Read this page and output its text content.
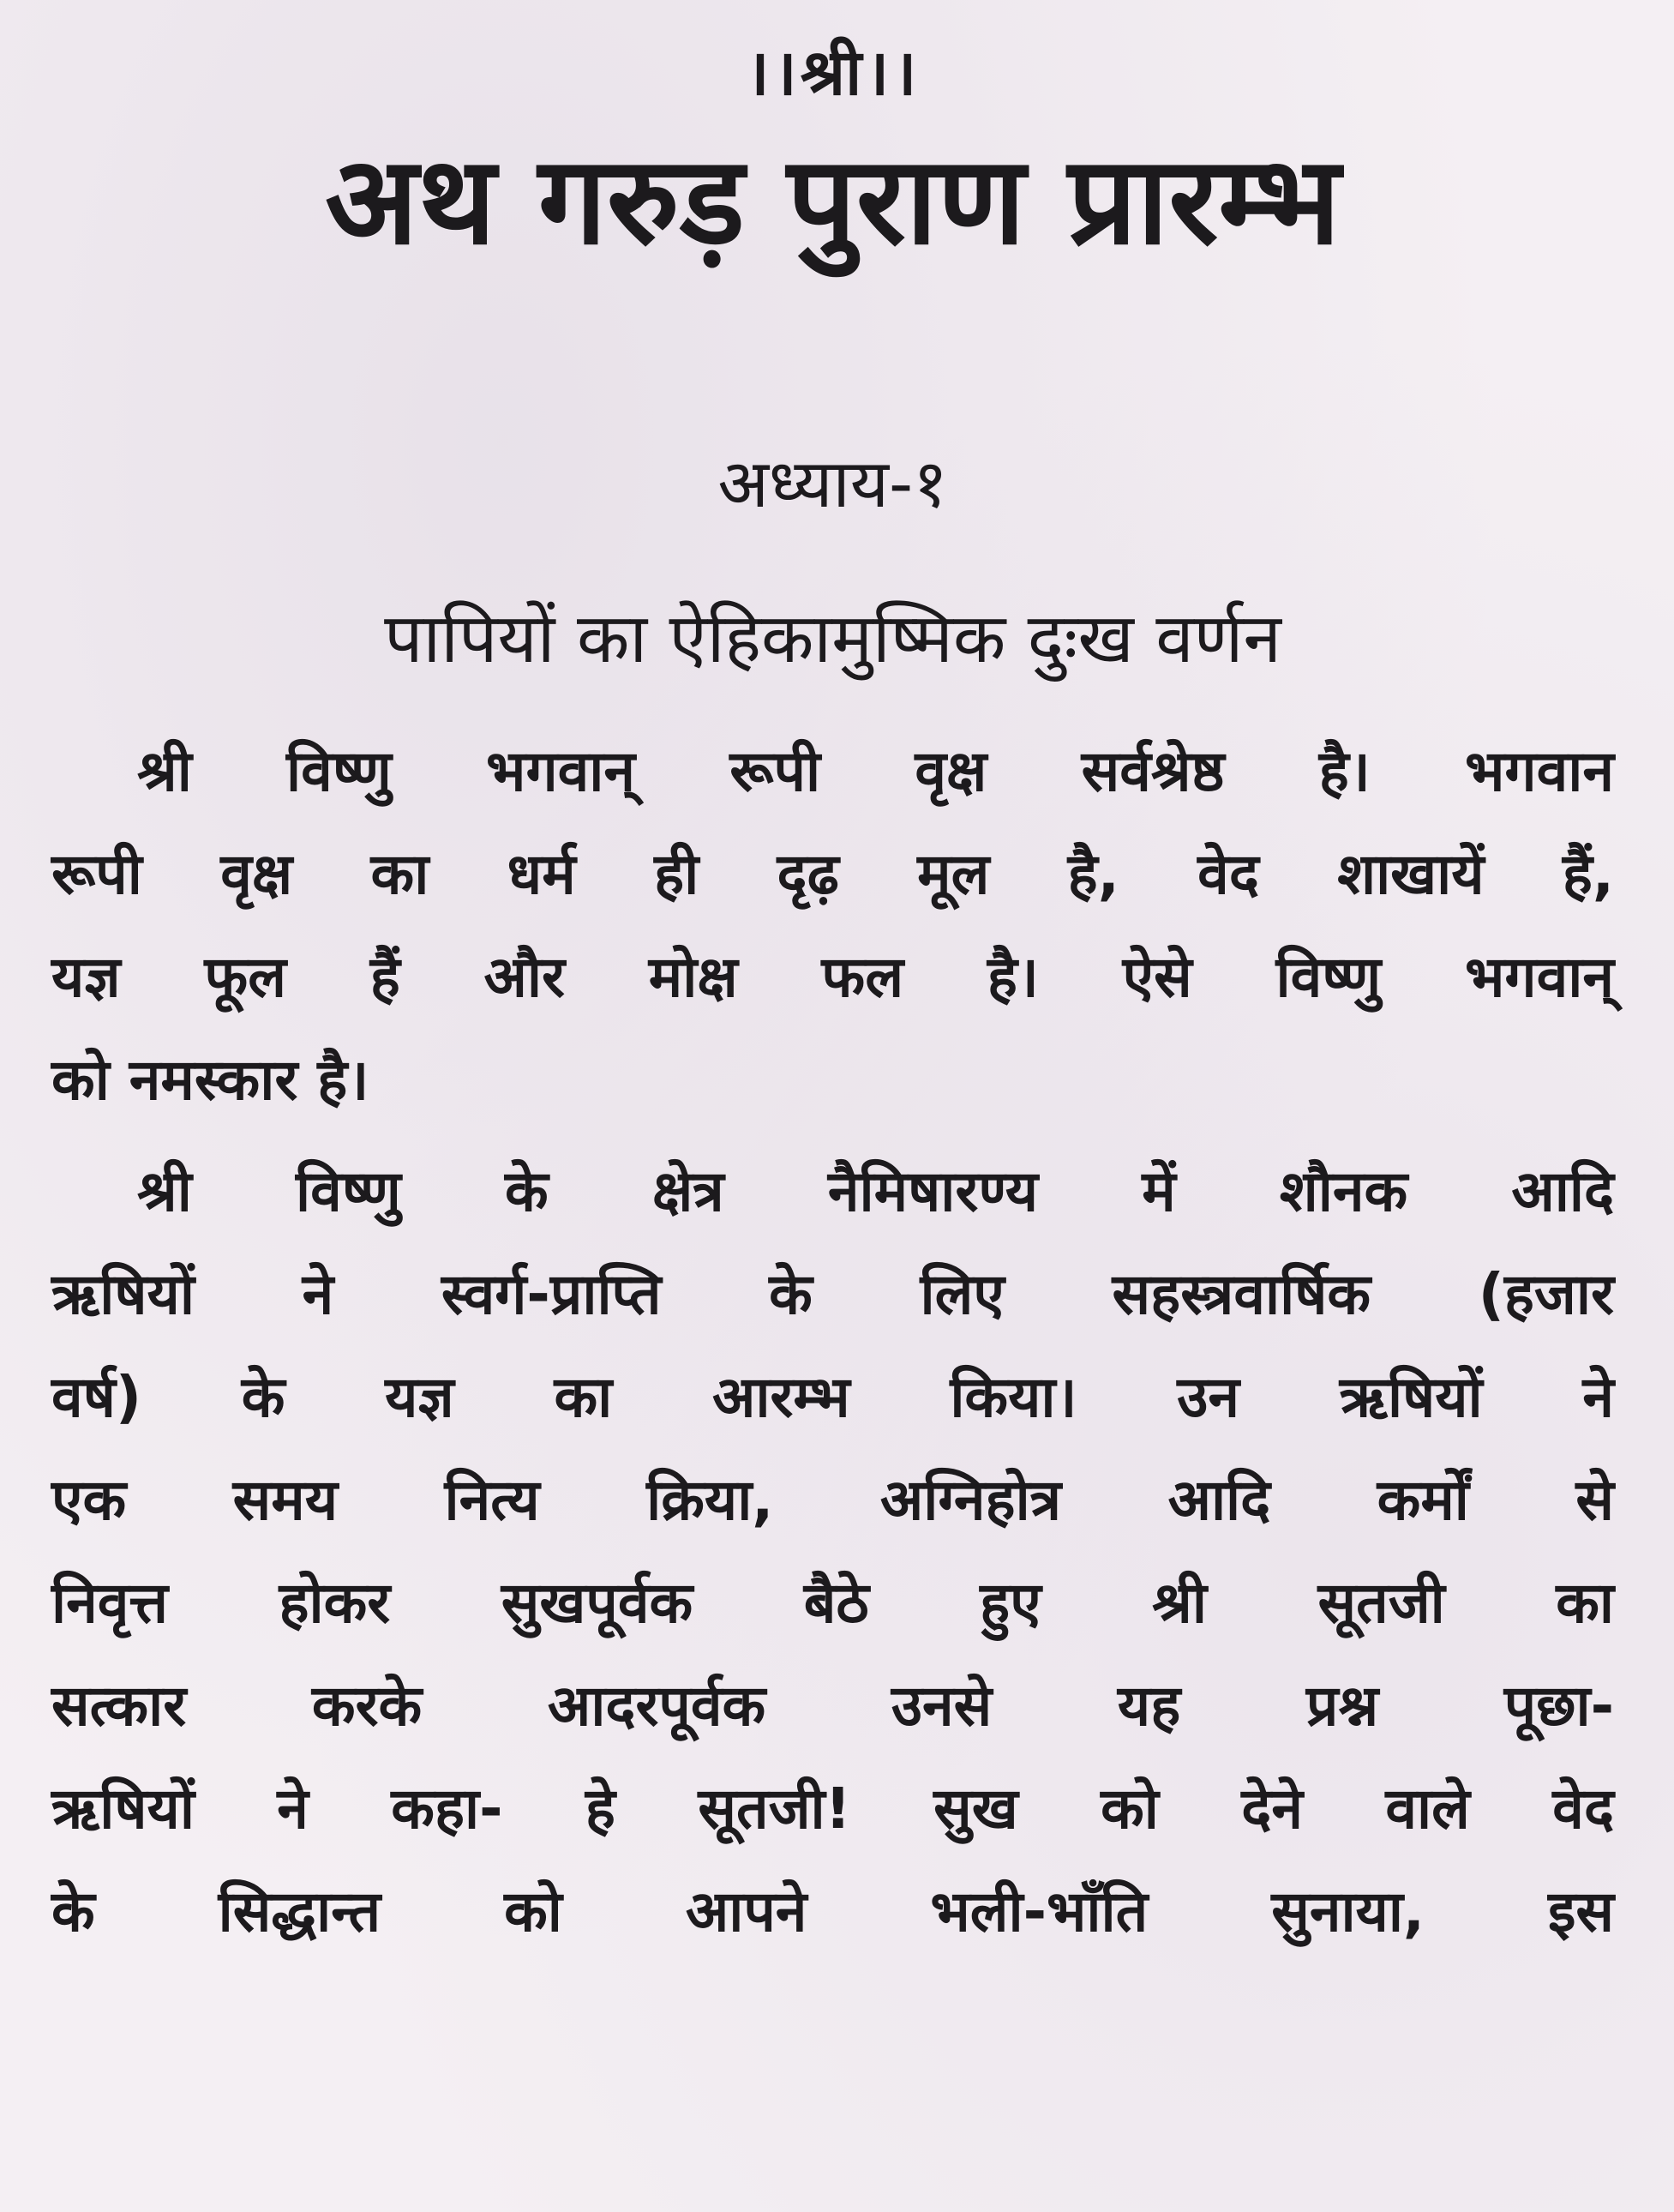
।।श्री।।
अथ गरुड़ पुराण प्रारम्भ
अध्याय-१
पापियों का ऐहिकामुष्मिक दुःख वर्णन

श्री विष्णु भगवान् रूपी वृक्ष सर्वश्रेष्ठ है। भगवान
रूपी वृक्ष का धर्म ही दृढ़ मूल है, वेद शाखायें हैं,
यज्ञ फूल हैं और मोक्ष फल है। ऐसे विष्णु भगवान्
को नमस्कार है।

श्री विष्णु के क्षेत्र नैमिषारण्य में शौनक आदि
ऋषियों ने स्वर्ग-प्राप्ति के लिए सहस्त्रवार्षिक (हजार
वर्ष) के यज्ञ का आरम्भ किया। उन ऋषियों ने
एक समय नित्य क्रिया, अग्निहोत्र आदि कर्मों से
निवृत्त होकर सुखपूर्वक बैठे हुए श्री सूतजी का
सत्कार करके आदरपूर्वक उनसे यह प्रश्न पूछा-
ऋषियों ने कहा- हे सूतजी! सुख को देने वाले वेद
के सिद्धान्त को आपने भली-भाँति सुनाया, इस
